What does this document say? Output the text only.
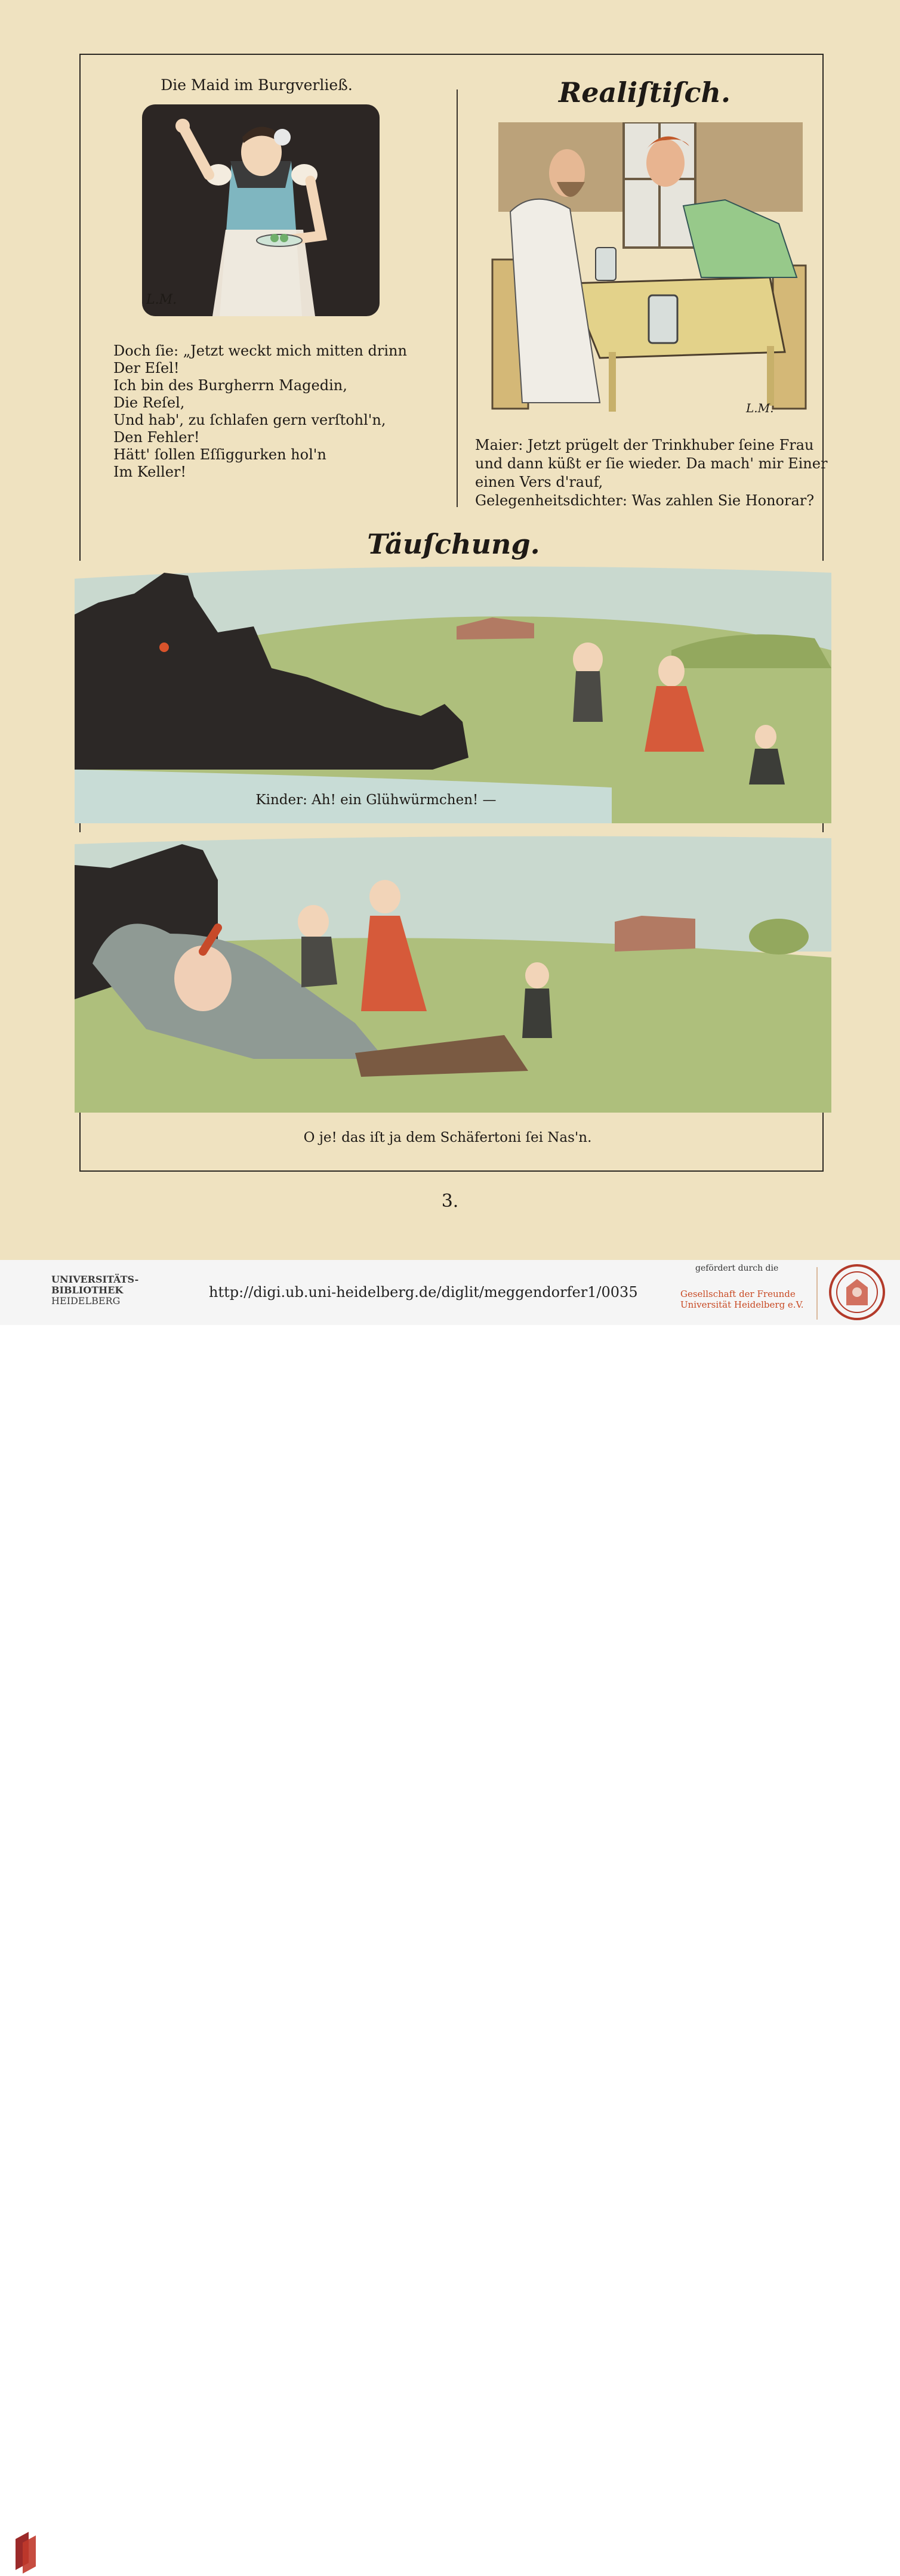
Die Maid im Burgverließ.	Realiſtiſch.
L.M.
L.M.
Doch ſie: „Jetzt weckt mich mitten drinn
Der Eſel!
Ich bin des Burgherrn Magedin,
Die Reſel,
Und hab', zu ſchlafen gern verſtohl'n,
Den Fehler!
Hätt' ſollen Eſſiggurken hol'n
Im Keller!
Maier: Jetzt prügelt der Trinkhuber ſeine Frau
und dann küßt er ſie wieder. Da mach' mir Einer
einen Vers d'rauf,
Gelegenheitsdichter: Was zahlen Sie Honorar?
Täuſchung.
Kinder: Ah! ein Glühwürmchen! —
O je! das iſt ja dem Schäfertoni ſei Nas'n.
3.
UNIVERSITÄTS-
BIBLIOTHEK
HEIDELBERG
http://digi.ub.uni-heidelberg.de/diglit/meggendorfer1/0035
gefördert durch die
Gesellschaft der Freunde
Universität Heidelberg e.V.
